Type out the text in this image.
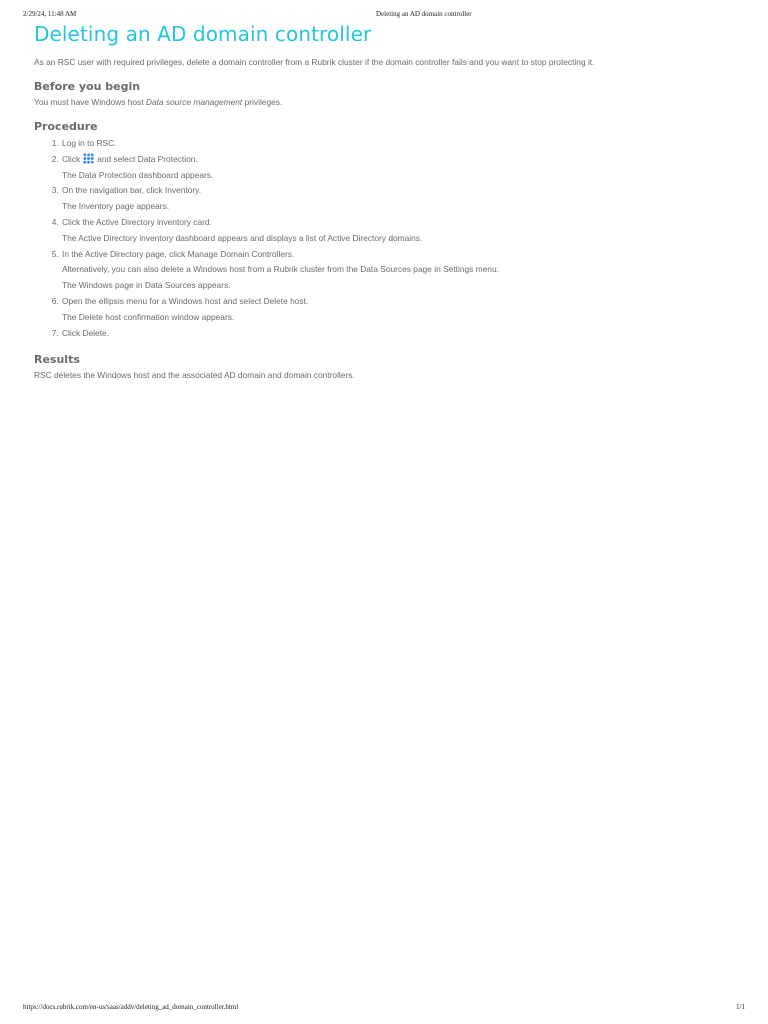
2/29/24, 11:48 AM	Deleting an AD domain controller
Deleting an AD domain controller
As an RSC user with required privileges, delete a domain controller from a Rubrik cluster if the domain controller fails and you want to stop protecting it.
Before you begin
You must have Windows host Data source management privileges.
Procedure
1. Log in to RSC.
2. Click and select Data Protection.
The Data Protection dashboard appears.
3. On the navigation bar, click Inventory.
The Inventory page appears.
4. Click the Active Directory inventory card.
The Active Directory inventory dashboard appears and displays a list of Active Directory domains.
5. In the Active Directory page, click Manage Domain Controllers.
Alternatively, you can also delete a Windows host from a Rubrik cluster from the Data Sources page in Settings menu.
The Windows page in Data Sources appears.
6. Open the ellipsis menu for a Windows host and select Delete host.
The Delete host confirmation window appears.
7. Click Delete.
Results
RSC deletes the Windows host and the associated AD domain and domain controllers.
https://docs.rubrik.com/en-us/saas/addv/deleting_ad_domain_controller.html	1/1
